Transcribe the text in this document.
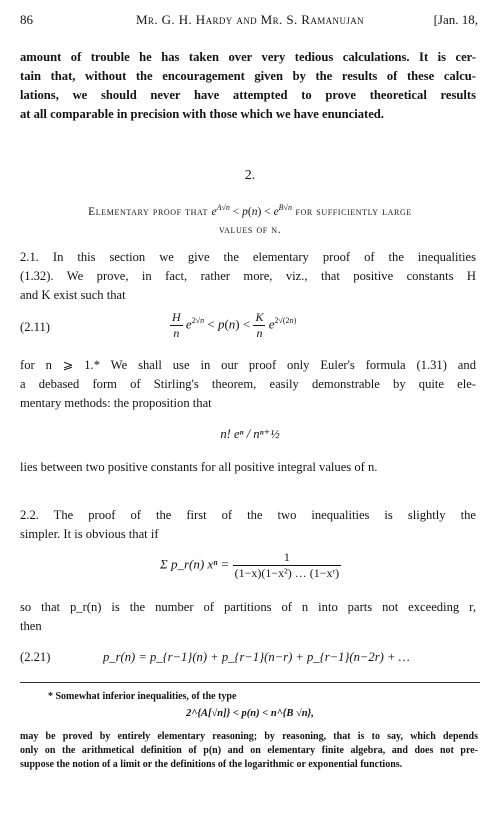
86	Mr. G. H. Hardy and Mr. S. Ramanujan	[Jan. 18,
amount of trouble he has taken over very tedious calculations. It is cer-
tain that, without the encouragement given by the results of these calcu-
lations, we should never have attempted to prove theoretical results
at all comparable in precision with those which we have enunciated.
2.
Elementary proof that $e^{A√n} < p(n) < e^{B√n}$ for sufficiently large
values of n.
2.1. In this section we give the elementary proof of the inequalities
(1.32). We prove, in fact, rather more, viz., that positive constants H
and K exist such that
(2.11)	$\frac{H}{n} e^{2√n} < p(n) < \frac{K}{n} e^{2√(2n)}$
for n ⩾ 1.* We shall use in our proof only Euler's formula (1.31) and
a debased form of Stirling's theorem, easily demonstrable by quite ele-
mentary methods: the proposition that
n! eⁿ / nⁿ⁺½
lies between two positive constants for all positive integral values of n.
2.2. The proof of the first of the two inequalities is slightly the
simpler. It is obvious that if
Σ p_r(n) $x^n = \frac{1}{\text{(1−x)(1−x²) … (1−xʳ)}}$
so that p_r(n) is the number of partitions of n into parts not exceeding r,
then
(2.21)	p_r(n) = p_{r−1}(n) + p_{r−1}(n−r) + p_{r−1}(n−2r) + …
* Somewhat inferior inequalities, of the type
2^{A[√n]} < p(n) < n^{B √n},
may be proved by entirely elementary reasoning; by reasoning, that is to say, which depends
only on the arithmetical definition of p(n) and on elementary finite algebra, and does not pre-
suppose the notion of a limit or the definitions of the logarithmic or exponential functions.
